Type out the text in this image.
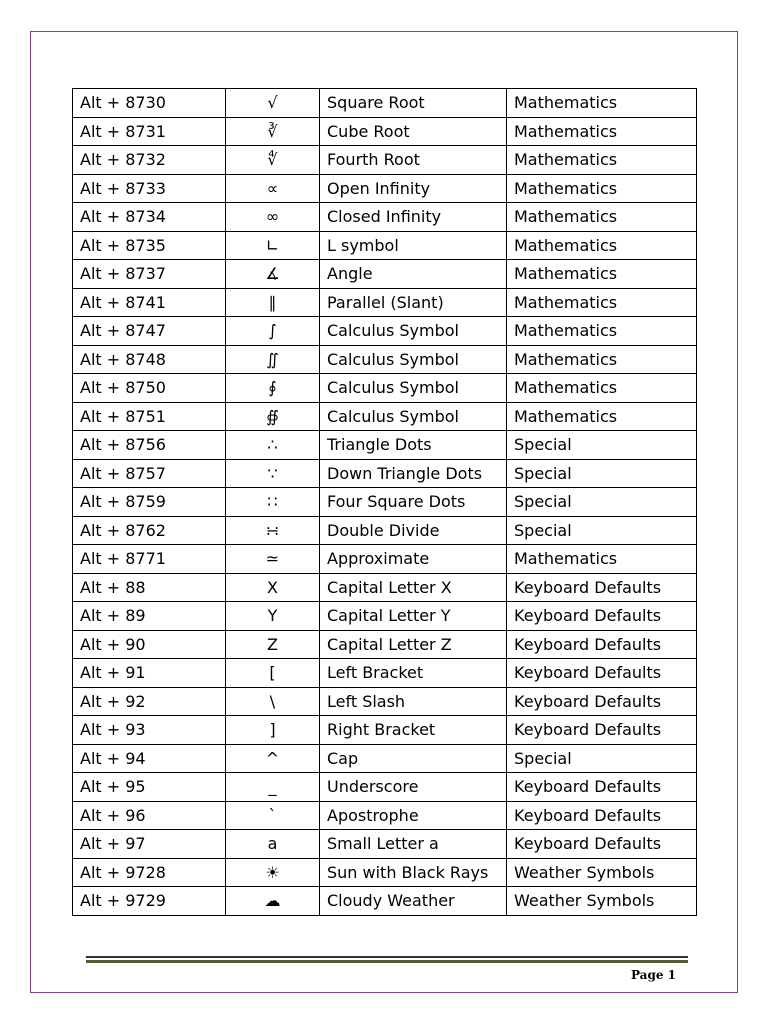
Alt + 8730	√	Square Root	Mathematics
Alt + 8731	∛	Cube Root	Mathematics
Alt + 8732	∜	Fourth Root	Mathematics
Alt + 8733	∝	Open Infinity	Mathematics
Alt + 8734	∞	Closed Infinity	Mathematics
Alt + 8735	∟	L symbol	Mathematics
Alt + 8737	∡	Angle	Mathematics
Alt + 8741	∥	Parallel (Slant)	Mathematics
Alt + 8747	∫	Calculus Symbol	Mathematics
Alt + 8748	∬	Calculus Symbol	Mathematics
Alt + 8750	∮	Calculus Symbol	Mathematics
Alt + 8751	∯	Calculus Symbol	Mathematics
Alt + 8756	∴	Triangle Dots	Special
Alt + 8757	∵	Down Triangle Dots	Special
Alt + 8759	∷	Four Square Dots	Special
Alt + 8762	∺	Double Divide	Special
Alt + 8771	≃	Approximate	Mathematics
Alt + 88	X	Capital Letter X	Keyboard Defaults
Alt + 89	Y	Capital Letter Y	Keyboard Defaults
Alt + 90	Z	Capital Letter Z	Keyboard Defaults
Alt + 91	[	Left Bracket	Keyboard Defaults
Alt + 92	\	Left Slash	Keyboard Defaults
Alt + 93	]	Right Bracket	Keyboard Defaults
Alt + 94	^	Cap	Special
Alt + 95	_	Underscore	Keyboard Defaults
Alt + 96	`	Apostrophe	Keyboard Defaults
Alt + 97	a	Small Letter a	Keyboard Defaults
Alt + 9728	☀	Sun with Black Rays	Weather Symbols
Alt + 9729	☁	Cloudy Weather	Weather Symbols
Page 1
